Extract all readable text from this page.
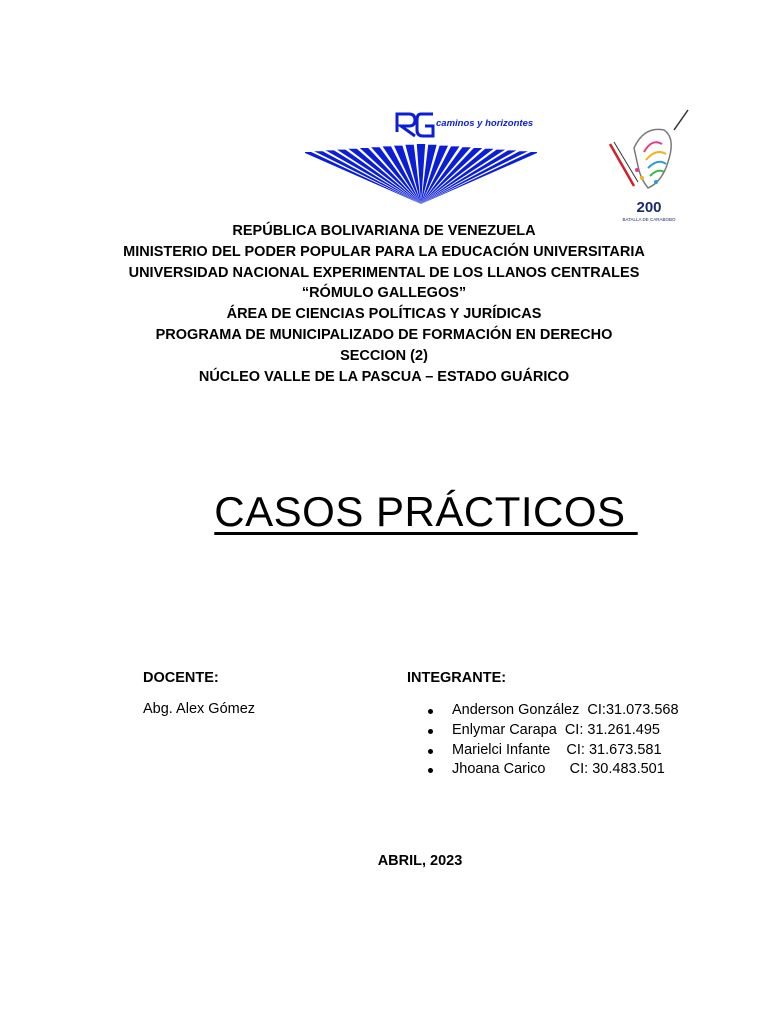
caminos y horizontes
200
BATALLA DE CARABOBO
REPÚBLICA BOLIVARIANA DE VENEZUELA
MINISTERIO DEL PODER POPULAR PARA LA EDUCACIÓN UNIVERSITARIA
UNIVERSIDAD NACIONAL EXPERIMENTAL DE LOS LLANOS CENTRALES
“RÓMULO GALLEGOS”
ÁREA DE CIENCIAS POLÍTICAS Y JURÍDICAS
PROGRAMA DE MUNICIPALIZADO DE FORMACIÓN EN DERECHO
SECCION (2)
NÚCLEO VALLE DE LA PASCUA – ESTADO GUÁRICO
CASOS PRÁCTICOS
DOCENTE:
Abg. Alex Gómez
INTEGRANTE:
Anderson González  CI:31.073.568
Enlymar Carapa  CI: 31.261.495
Marielci Infante    CI: 31.673.581
Jhoana Carico      CI: 30.483.501
ABRIL, 2023
